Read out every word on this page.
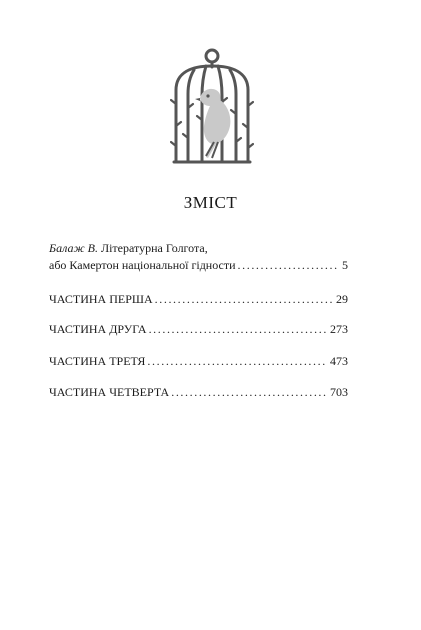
ЗМІСТ
Балаж В. Літературна Голгота,
або Камертон національної гідности .....	5
ЧАСТИНА ПЕРША .....	29
ЧАСТИНА ДРУГА .....	273
ЧАСТИНА ТРЕТЯ .....	473
ЧАСТИНА ЧЕТВЕРТА .....	703
